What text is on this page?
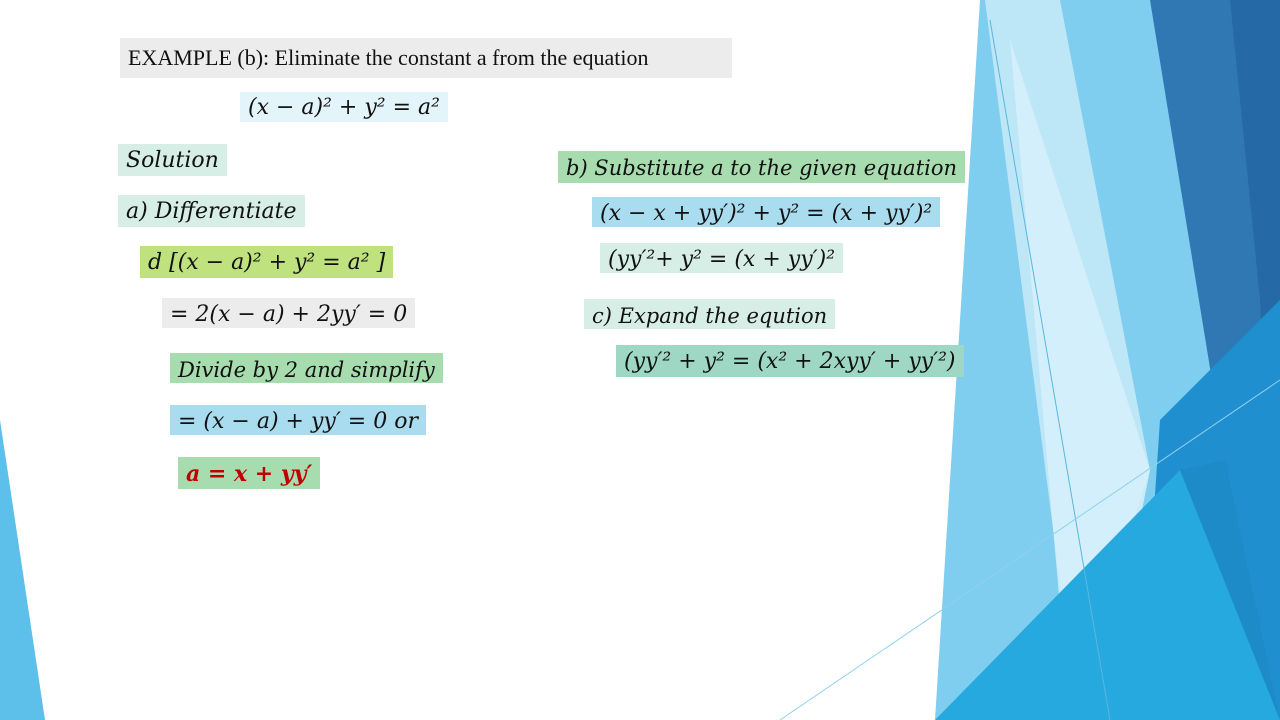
EXAMPLE (b): Eliminate the constant a from the equation
(x − a)² + y² = a²
Solution
a) Differentiate
d [(x − a)² + y² = a² ]
= 2(x − a) + 2yy′ = 0
Divide by 2 and simplify
= (x − a) + yy′ = 0 or
a = x + yy′
b) Substitute a to the given equation
(x − x + yy′)² + y² = (x + yy′)²
(yy′²+ y² = (x + yy′)²
c) Expand the eqution
(yy′² + y² = (x² + 2xyy′ + yy′²)
